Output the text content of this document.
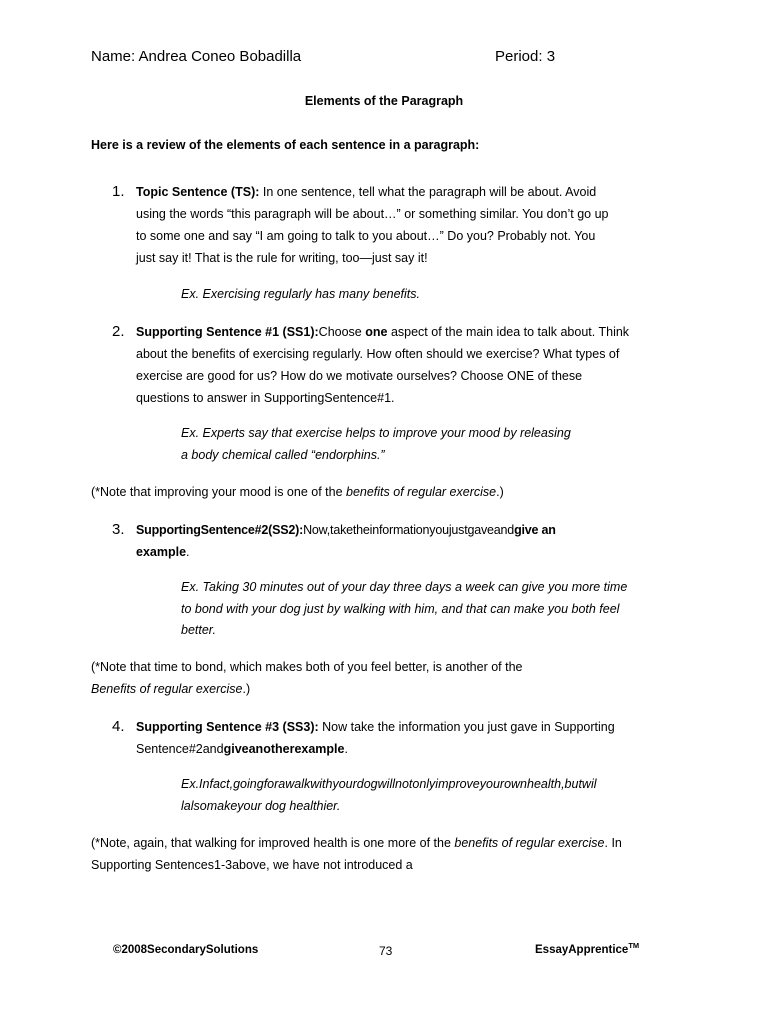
Name: Andrea Coneo Bobadilla	Period: 3
Elements of the Paragraph
Here is a review of the elements of each sentence in a paragraph:
1. Topic Sentence (TS): In one sentence, tell what the paragraph will be about. Avoid
using the words “this paragraph will be about…” or something similar. You don’t go up
to some one and say “I am going to talk to you about…” Do you? Probably not. You
just say it! That is the rule for writing, too—just say it!
Ex. Exercising regularly has many benefits.
2. Supporting Sentence #1 (SS1):Choose one aspect of the main idea to talk about. Think
about the benefits of exercising regularly. How often should we exercise? What types of
exercise are good for us? How do we motivate ourselves? Choose ONE of these
questions to answer in SupportingSentence#1.
Ex. Experts say that exercise helps to improve your mood by releasing
a body chemical called “endorphins.”
(*Note that improving your mood is one of the benefits of regular exercise.)
3. SupportingSentence#2(SS2):Now,taketheinformationyoujustgaveandgive an
example.
Ex. Taking 30 minutes out of your day three days a week can give you more time
to bond with your dog just by walking with him, and that can make you both feel
better.
(*Note that time to bond, which makes both of you feel better, is another of the
Benefits of regular exercise.)
4. Supporting Sentence #3 (SS3): Now take the information you just gave in Supporting
Sentence#2andgiveanotherexample.
Ex.Infact,goingforawalkwithyourdogwillnotonlyimproveyourownhealth,butwil
lalsomakeyour dog healthier.
(*Note, again, that walking for improved health is one more of the benefits of regular exercise. In
Supporting Sentences1-3above, we have not introduced a
©2008SecondarySolutions	73	EssayApprentice™
